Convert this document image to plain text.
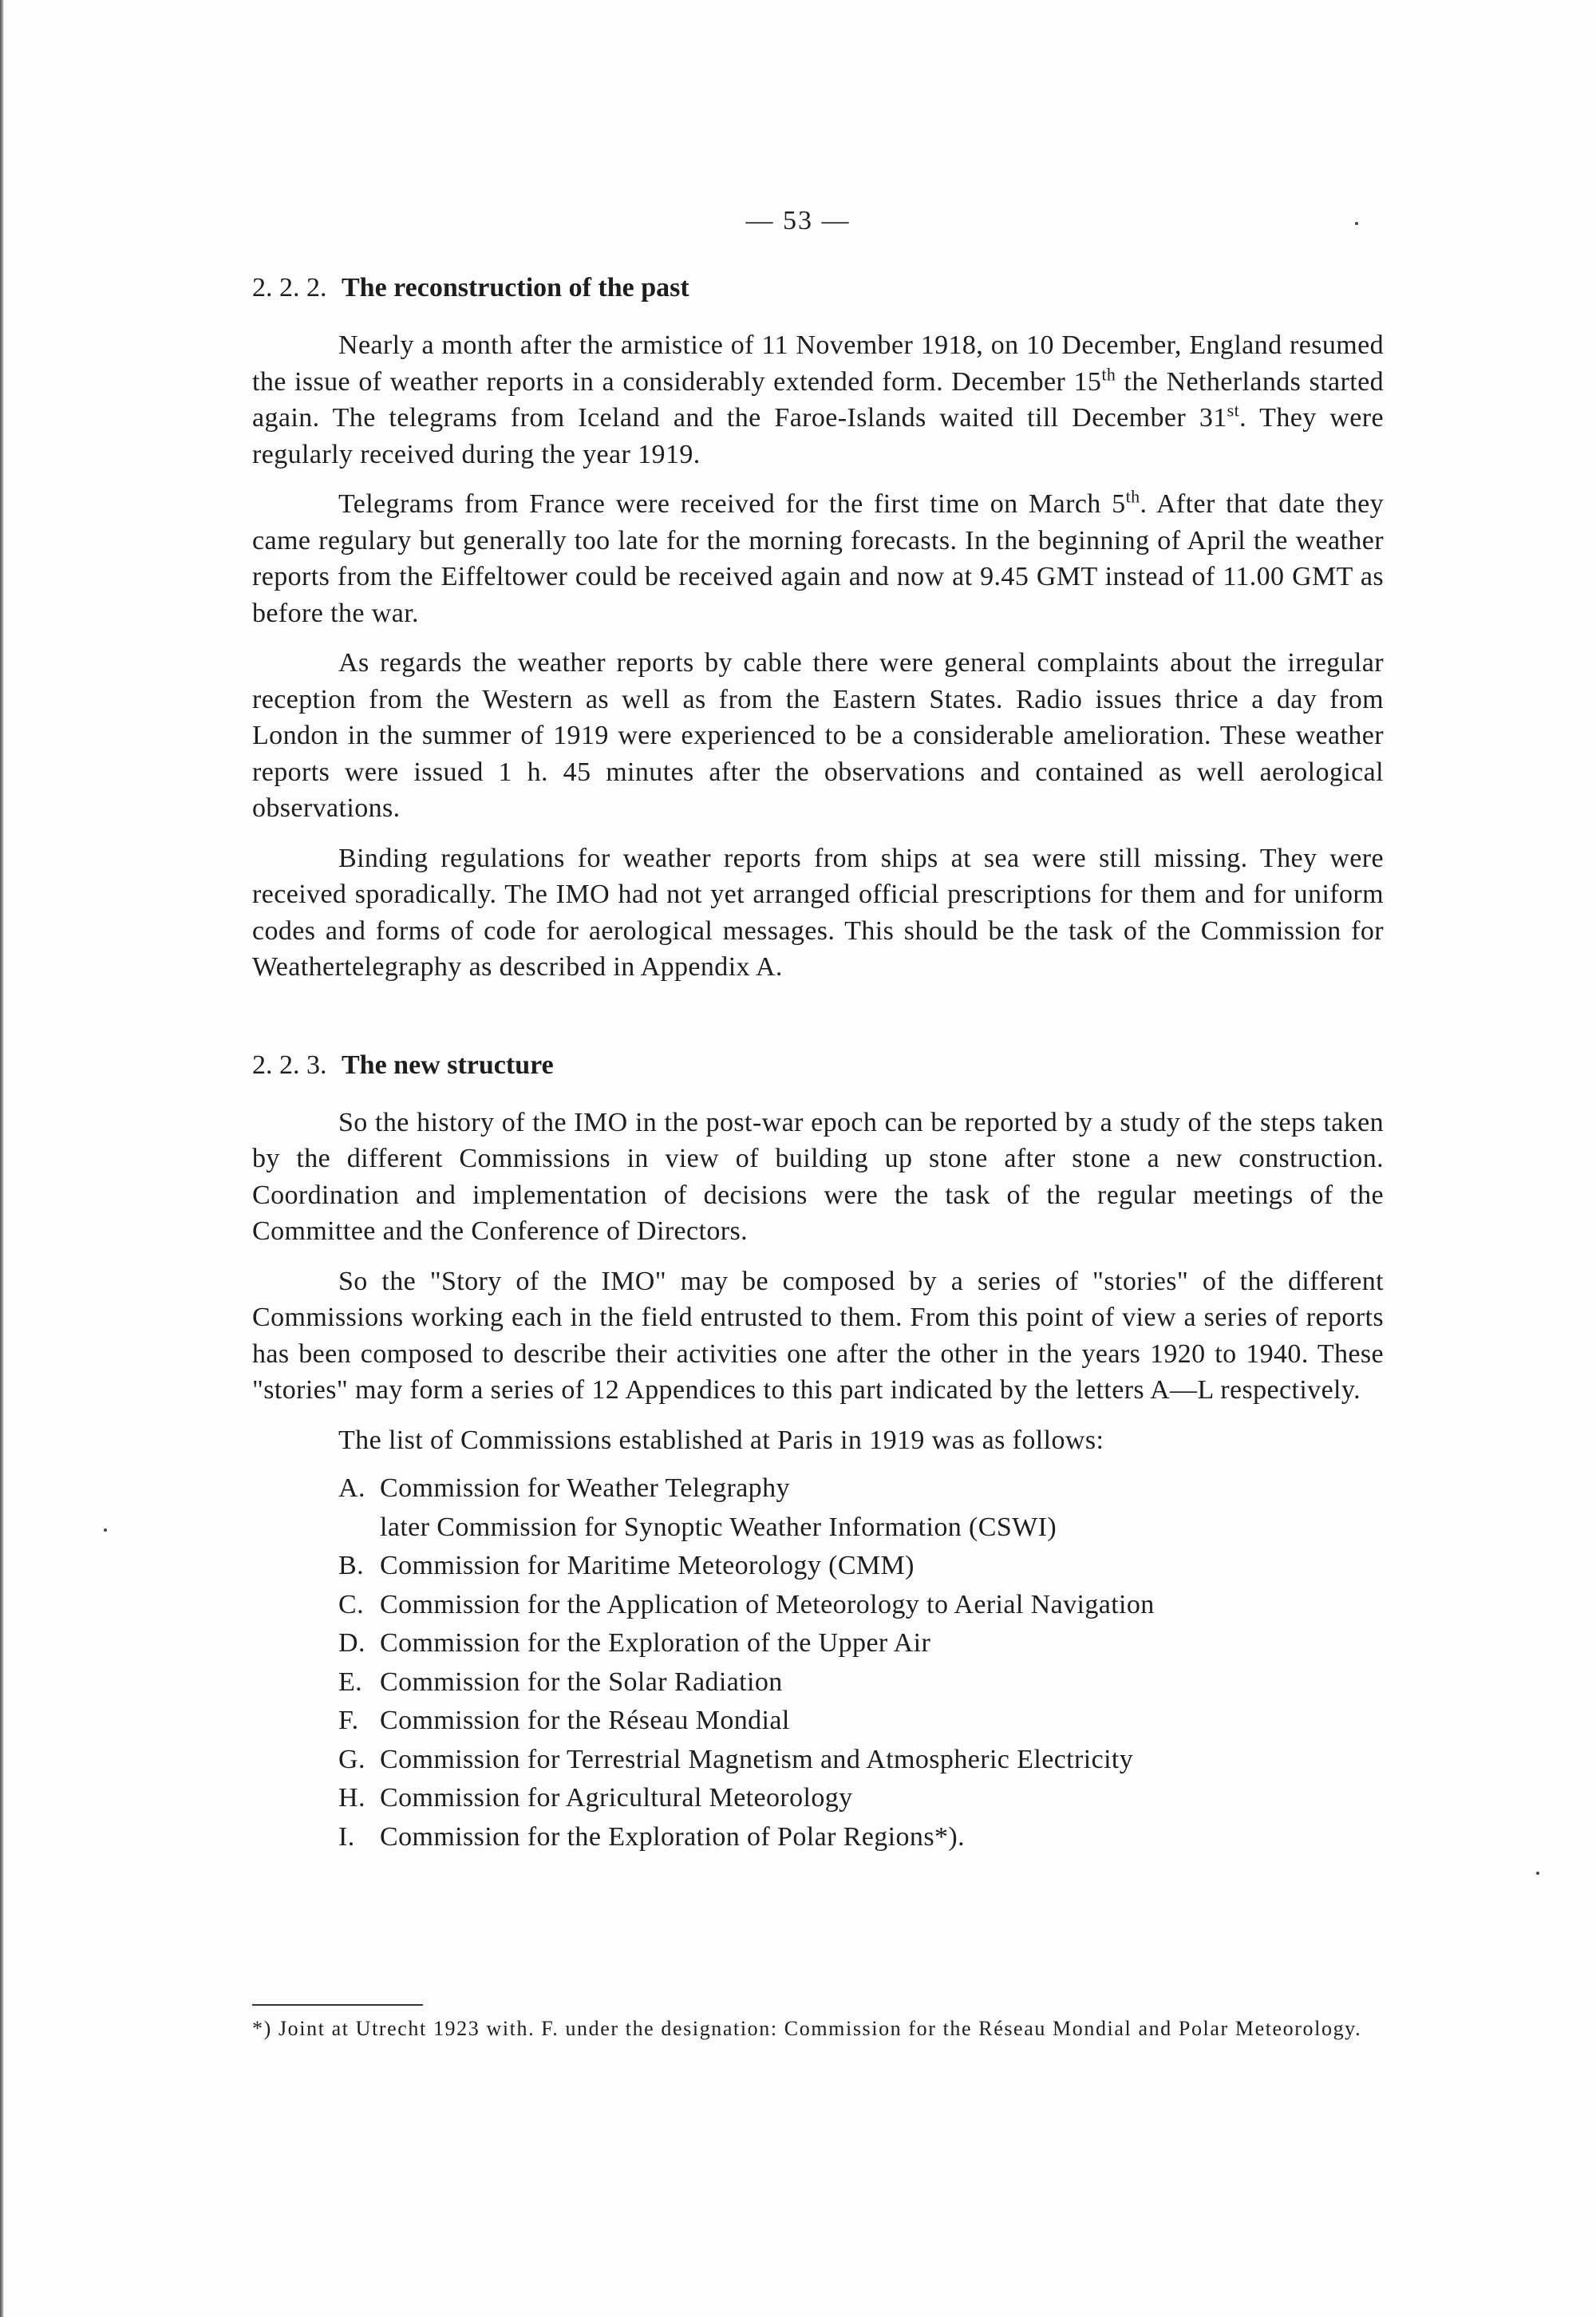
— 53 —
2. 2. 2. The reconstruction of the past

Nearly a month after the armistice of 11 November 1918, on 10 December, England resumed the issue of weather reports in a considerably extended form. December 15th the Netherlands started again. The telegrams from Iceland and the Faroe-Islands waited till December 31st. They were regularly received during the year 1919.

Telegrams from France were received for the first time on March 5th. After that date they came regulary but generally too late for the morning forecasts. In the beginning of April the weather reports from the Eiffeltower could be received again and now at 9.45 GMT instead of 11.00 GMT as before the war.

As regards the weather reports by cable there were general complaints about the irregular reception from the Western as well as from the Eastern States. Radio issues thrice a day from London in the summer of 1919 were experienced to be a considerable amelioration. These weather reports were issued 1 h. 45 minutes after the observations and contained as well aerological observations.

Binding regulations for weather reports from ships at sea were still missing. They were received sporadically. The IMO had not yet arranged official prescriptions for them and for uniform codes and forms of code for aerological messages. This should be the task of the Commission for Weathertelegraphy as described in Appendix A.

2. 2. 3. The new structure

So the history of the IMO in the post-war epoch can be reported by a study of the steps taken by the different Commissions in view of building up stone after stone a new construction. Coordination and implementation of decisions were the task of the regular meetings of the Committee and the Conference of Directors.

So the "Story of the IMO" may be composed by a series of "stories" of the different Commissions working each in the field entrusted to them. From this point of view a series of reports has been composed to describe their activities one after the other in the years 1920 to 1940. These "stories" may form a series of 12 Appendices to this part indicated by the letters A—L respectively.

The list of Commissions established at Paris in 1919 was as follows:

A. Commission for Weather Telegraphy
later Commission for Synoptic Weather Information (CSWI)
B. Commission for Maritime Meteorology (CMM)
C. Commission for the Application of Meteorology to Aerial Navigation
D. Commission for the Exploration of the Upper Air
E. Commission for the Solar Radiation
F. Commission for the Réseau Mondial
G. Commission for Terrestrial Magnetism and Atmospheric Electricity
H. Commission for Agricultural Meteorology
I. Commission for the Exploration of Polar Regions*).
*) Joint at Utrecht 1923 with. F. under the designation: Commission for the Réseau Mondial and Polar Meteorology.
